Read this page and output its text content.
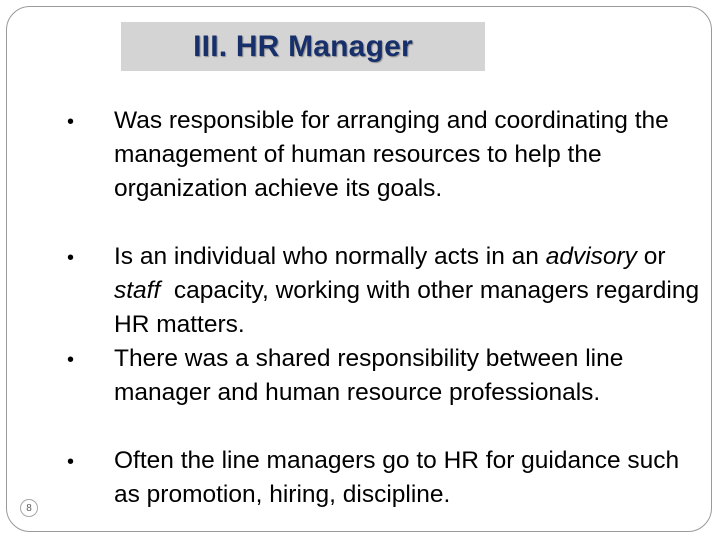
III. HR Manager
• Was responsible for arranging and coordinating the management of human resources to help the organization achieve its goals.
• Is an individual who normally acts in an advisory or staff  capacity, working with other managers regarding HR matters.
• There was a shared responsibility between line manager and human resource professionals.
• Often the line managers go to HR for guidance such as promotion, hiring, discipline.
8
